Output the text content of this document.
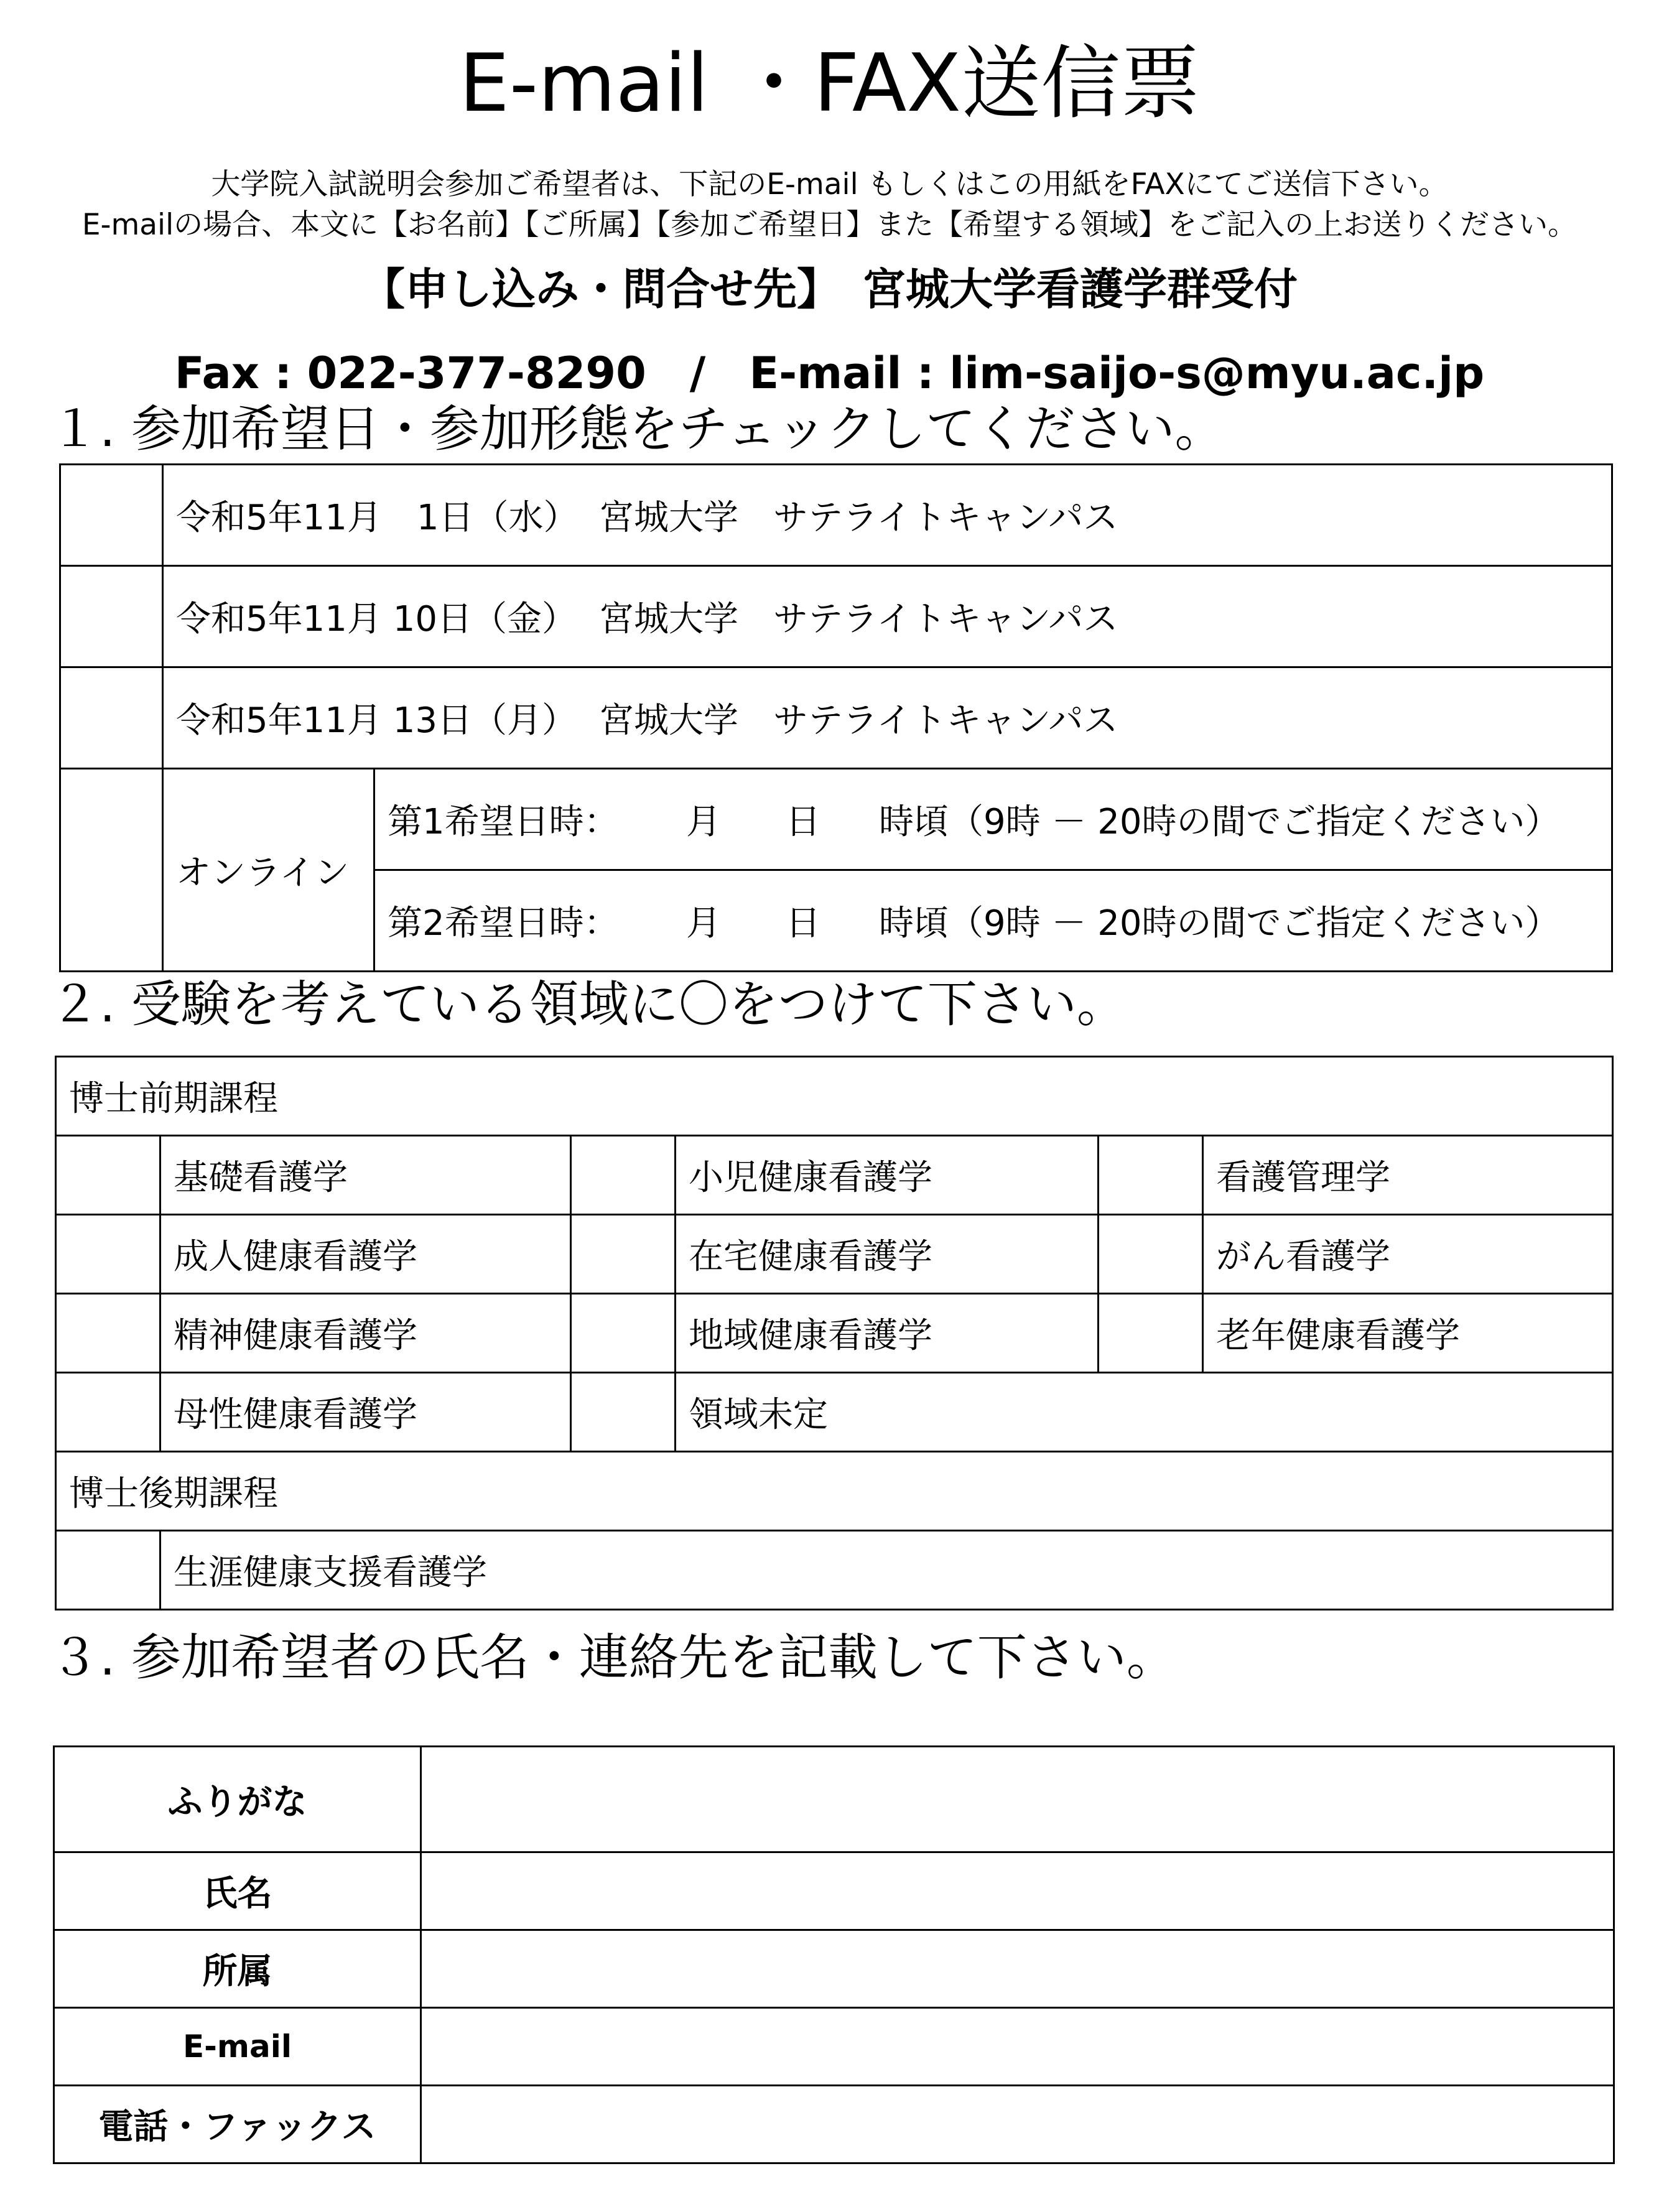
E-mail ・FAX送信票
大学院入試説明会参加ご希望者は、下記のE-mail もしくはこの用紙をFAXにてご送信下さい。
E-mailの場合、本文に【お名前】【ご所属】【参加ご希望日】また【希望する領域】をご記入の上お送りください。
【申し込み・問合せ先】　宮城大学看護学群受付
Fax : 022-377-8290　/　E-mail : lim-saijo-s@myu.ac.jp
１. 参加希望日・参加形態をチェックしてください。
	令和5年11月　1日（水） 宮城大学 サテライトキャンパス	

	令和5年11月 10日（金） 宮城大学 サテライトキャンパス	

	令和5年11月 13日（月） 宮城大学 サテライトキャンパス	

	オンライン	第1希望日時： 月 日 時頃（9時 － 20時の間でご指定ください）
		第2希望日時： 月 日 時頃（9時 － 20時の間でご指定ください）
２. 受験を考えている領域に〇をつけて下さい。
博士前期課程					
	基礎看護学		小児健康看護学		看護管理学
	成人健康看護学		在宅健康看護学		がん看護学
	精神健康看護学		地域健康看護学		老年健康看護学
	母性健康看護学		領域未定		
博士後期課程					
	生涯健康支援看護学				
３. 参加希望者の氏名・連絡先を記載して下さい。
ふりがな	
氏名	
所属	
E-mail	
電話・ファックス	
